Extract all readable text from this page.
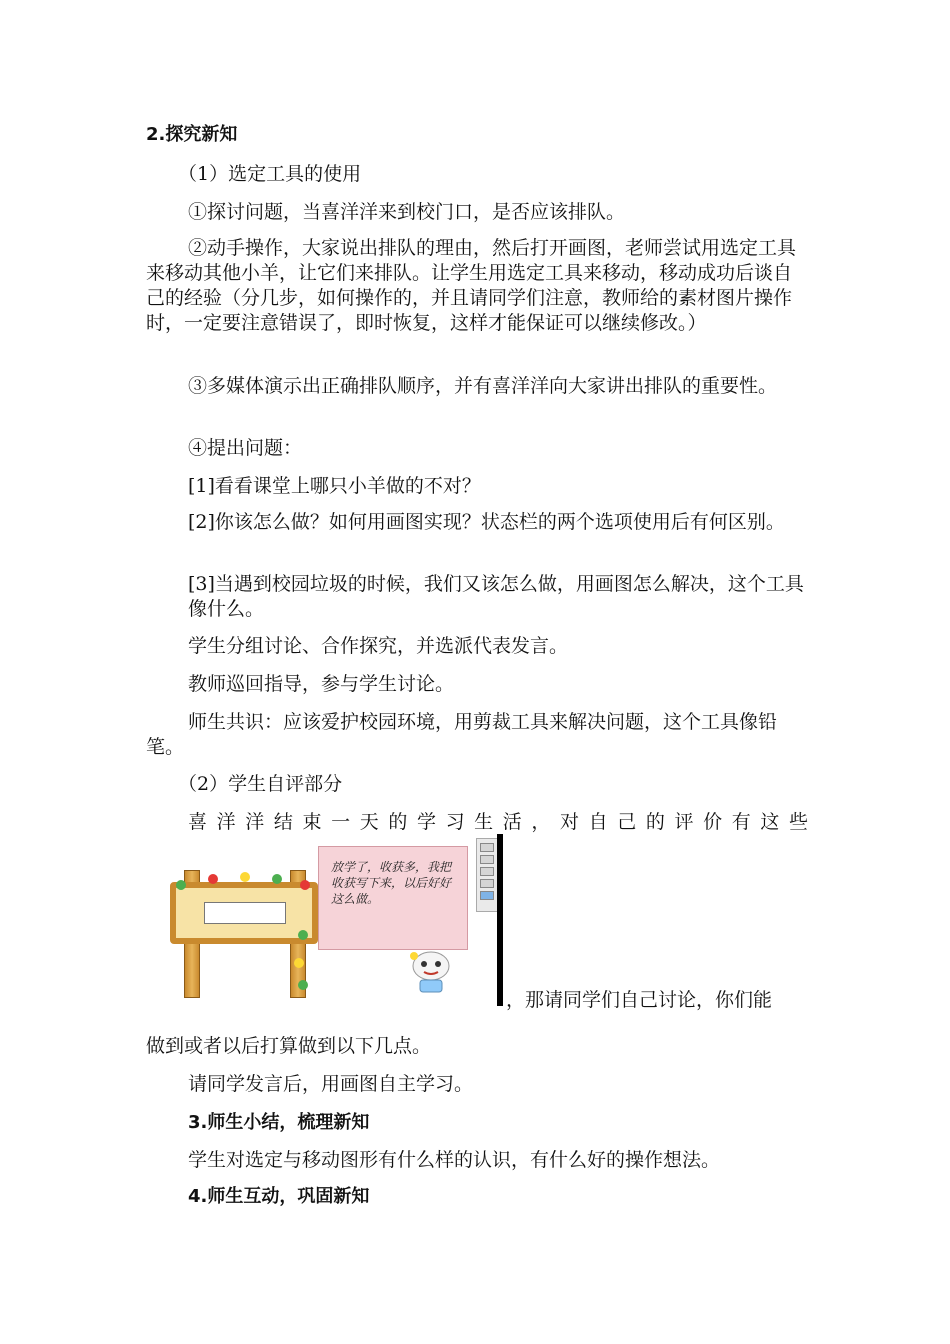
2.探究新知

（1）选定工具的使用

①探讨问题，当喜洋洋来到校门口，是否应该排队。

②动手操作，大家说出排队的理由，然后打开画图，老师尝试用选定工具来移动其他小羊，让它们来排队。让学生用选定工具来移动，移动成功后谈自己的经验（分几步，如何操作的，并且请同学们注意，教师给的素材图片操作时，一定要注意错误了，即时恢复，这样才能保证可以继续修改。）

③多媒体演示出正确排队顺序，并有喜洋洋向大家讲出排队的重要性。

④提出问题：

[1]看看课堂上哪只小羊做的不对？

[2]你该怎么做？如何用画图实现？状态栏的两个选项使用后有何区别。

[3]当遇到校园垃圾的时候，我们又该怎么做，用画图怎么解决，这个工具像什么。

学生分组讨论、合作探究，并选派代表发言。

教师巡回指导，参与学生讨论。

师生共识：应该爱护校园环境，用剪裁工具来解决问题，这个工具像铅笔。

（2）学生自评部分

喜洋洋结束一天的学习生活，对自己的评价有这些

放学了，收获多，我把收获写下来，以后好好这么做。

，那请同学们自己讨论，你们能

做到或者以后打算做到以下几点。

请同学发言后，用画图自主学习。

3.师生小结，梳理新知

学生对选定与移动图形有什么样的认识，有什么好的操作想法。

4.师生互动，巩固新知
